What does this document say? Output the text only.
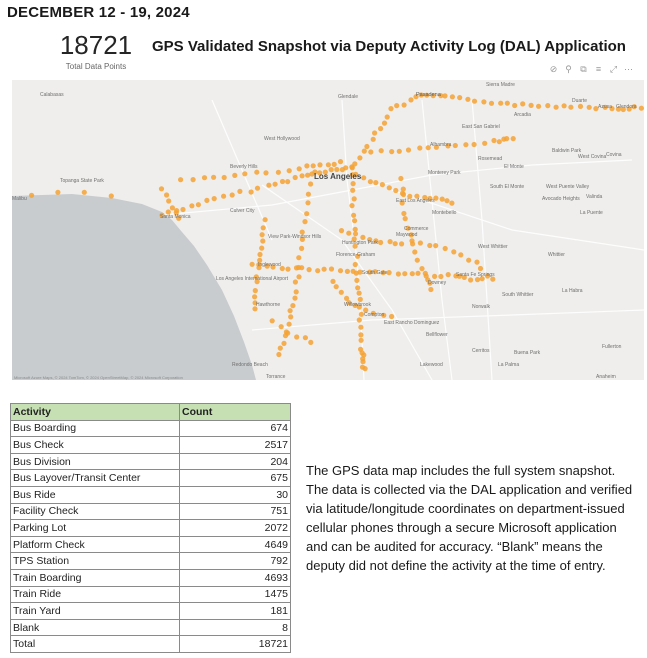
DECEMBER 12 - 19, 2024
18721
Total Data Points
GPS Validated Snapshot via Deputy Activity Log (DAL) Application
⊘ ⚲ ⧉ ≡ ⤢ ⋯
Los Angeles
Calabasas	Glendale	Pasadena
Sierra Madre
Arcadia
Duarte
Azusa Glendora
Topanga State Park
West Hollywood
Beverly Hills
Santa Monica
Culver City
East San Gabriel
Alhambra
Rosemead
El Monte
Baldwin Park
West Covina Covina
Monterey Park
South El Monte	West Puente Valley
Avocado Heights Valinda
La Puente
East Los Angeles
Montebello
Commerce
Maywood
Huntington Park
View Park-Windsor Hills
Inglewood
Florence-Graham
South Gate
West Whittier
Whittier
Los Angeles International Airport
Hawthorne	Willowbrook
Downey
Santa Fe Springs
South Whittier
La Habra
Norwalk
Compton
East Rancho Dominguez
Bellflower
Cerritos	Buena Park
Fullerton
Redondo Beach
Torrance
Lakewood	La Palma
Anaheim
Malibu
Microsoft Azure Maps, © 2024 TomTom, © 2024 OpenStreetMap, © 2024 Microsoft Corporation
Activity	Count
Bus Boarding	674
Bus Check	2517
Bus Division	204
Bus Layover/Transit Center	675
Bus Ride	30
Facility Check	751
Parking Lot	2072
Platform Check	4649
TPS Station	792
Train Boarding	4693
Train Ride	1475
Train Yard	181
Blank	8
Total	18721
The GPS data map includes the full system snapshot. The data is collected via the DAL application and verified via latitude/longitude coordinates on department-issued cellular phones through a secure Microsoft application and can be audited for accuracy. “Blank” means the deputy did not define the activity at the time of entry.
